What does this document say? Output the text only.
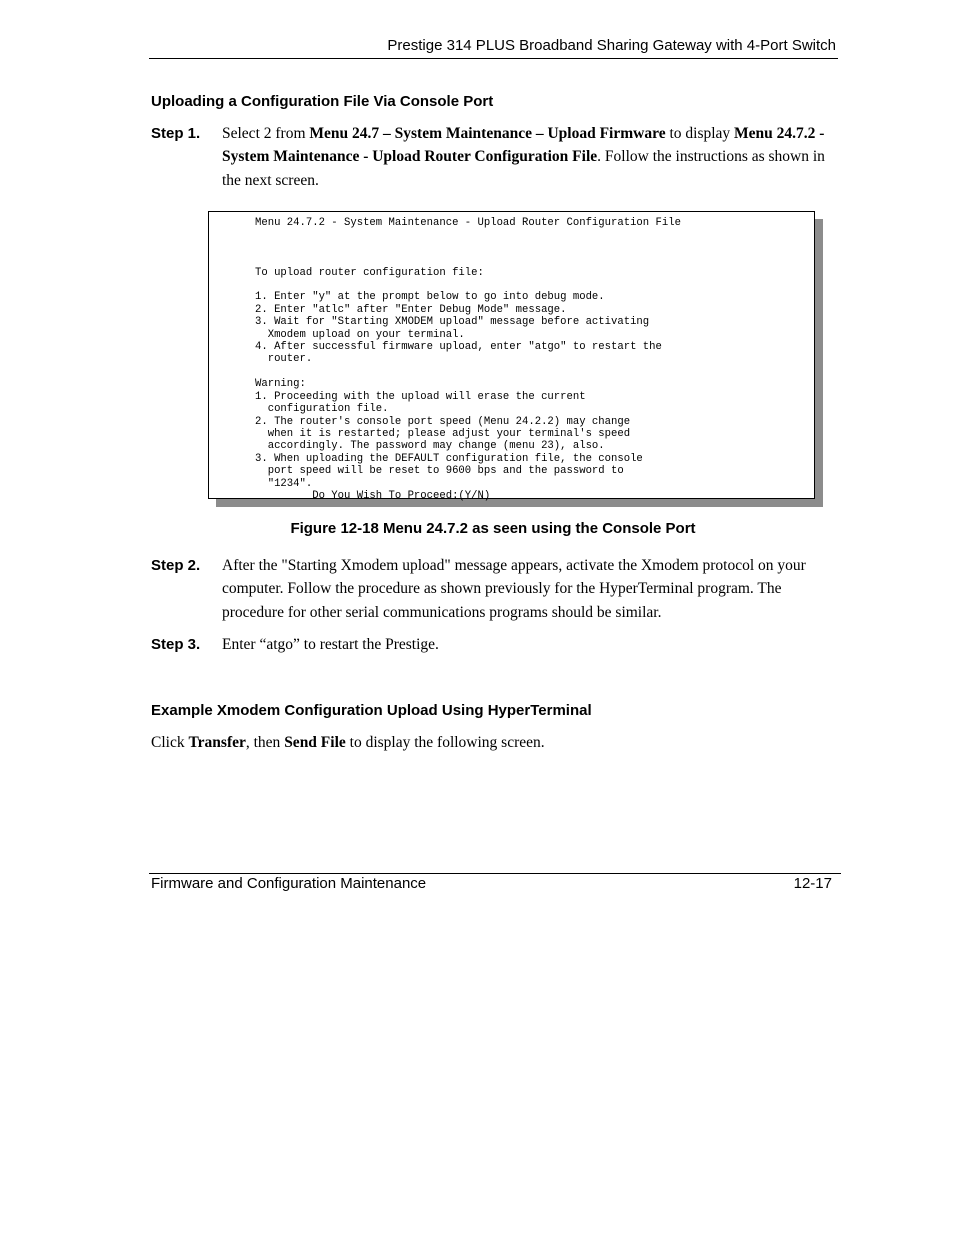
Prestige 314 PLUS Broadband Sharing Gateway with 4-Port Switch
Uploading a Configuration File Via Console Port
Step 1. Select 2 from Menu 24.7 – System Maintenance – Upload Firmware to display Menu 24.7.2 - System Maintenance - Upload Router Configuration File. Follow the instructions as shown in the next screen.
Menu 24.7.2 - System Maintenance - Upload Router Configuration File

To upload router configuration file:

1. Enter "y" at the prompt below to go into debug mode.
2. Enter "atlc" after "Enter Debug Mode" message.
3. Wait for "Starting XMODEM upload" message before activating
Xmodem upload on your terminal.
4. After successful firmware upload, enter "atgo" to restart the
router.

Warning:
1. Proceeding with the upload will erase the current
configuration file.
2. The router's console port speed (Menu 24.2.2) may change
when it is restarted; please adjust your terminal's speed
accordingly. The password may change (menu 23), also.
3. When uploading the DEFAULT configuration file, the console
port speed will be reset to 9600 bps and the password to
"1234".
Do You Wish To Proceed:(Y/N)
Figure 12-18 Menu 24.7.2 as seen using the Console Port
Step 2. After the "Starting Xmodem upload" message appears, activate the Xmodem protocol on your computer. Follow the procedure as shown previously for the HyperTerminal program. The procedure for other serial communications programs should be similar.
Step 3. Enter “atgo” to restart the Prestige.
Example Xmodem Configuration Upload Using HyperTerminal
Click Transfer, then Send File to display the following screen.
Firmware and Configuration Maintenance	12-17
